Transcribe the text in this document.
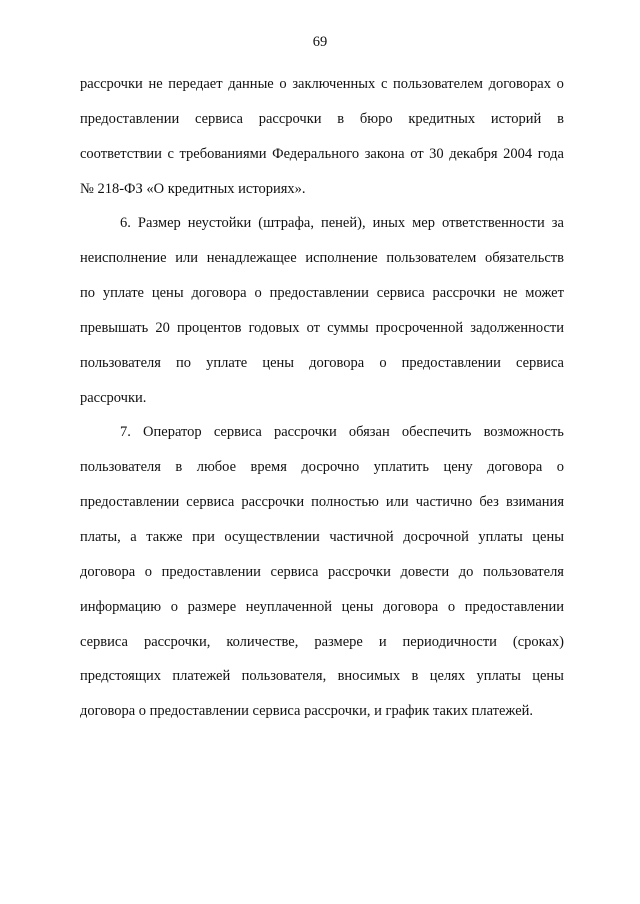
69
рассрочки не передает данные о заключенных с пользователем договорах о
предоставлении сервиса рассрочки в бюро кредитных историй в
соответствии с требованиями Федерального закона от 30 декабря 2004 года
№ 218-ФЗ «О кредитных историях».
6. Размер неустойки (штрафа, пеней), иных мер ответственности за
неисполнение или ненадлежащее исполнение пользователем обязательств
по уплате цены договора о предоставлении сервиса рассрочки не может
превышать 20 процентов годовых от суммы просроченной задолженности
пользователя по уплате цены договора о предоставлении сервиса
рассрочки.
7. Оператор сервиса рассрочки обязан обеспечить возможность
пользователя в любое время досрочно уплатить цену договора о
предоставлении сервиса рассрочки полностью или частично без взимания
платы, а также при осуществлении частичной досрочной уплаты цены
договора о предоставлении сервиса рассрочки довести до пользователя
информацию о размере неуплаченной цены договора о предоставлении
сервиса рассрочки, количестве, размере и периодичности (сроках)
предстоящих платежей пользователя, вносимых в целях уплаты цены
договора о предоставлении сервиса рассрочки, и график таких платежей.
